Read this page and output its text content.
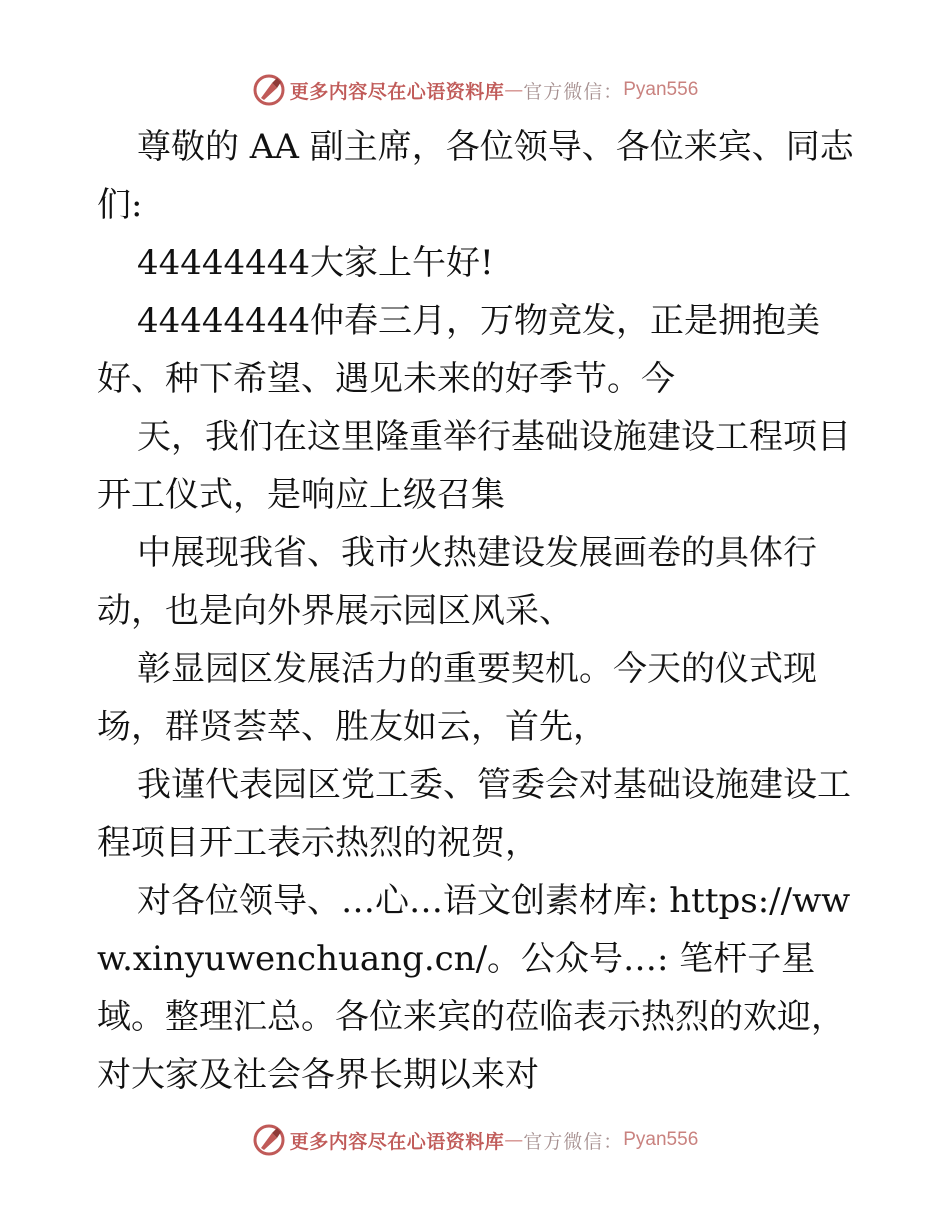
更多内容尽在心语资料库 — 官方微信： Pyan556

尊敬的 AA 副主席，各位领导、各位来宾、同志们:

44444444大家上午好!

44444444仲春三月，万物竞发，正是拥抱美好、种下希望、遇见未来的好季节。今

天，我们在这里隆重举行基础设施建设工程项目开工仪式，是响应上级召集

中展现我省、我市火热建设发展画卷的具体行动，也是向外界展示园区风采、

彰显园区发展活力的重要契机。今天的仪式现场，群贤荟萃、胜友如云，首先，

我谨代表园区党工委、管委会对基础设施建设工程项目开工表示热烈的祝贺，

对各位领导、…心…语文创素材库: https://www.xinyuwenchuang.cn/。公众号…: 笔杆子星域。整理汇总。各位来宾的莅临表示热烈的欢迎，对大家及社会各界长期以来对

更多内容尽在心语资料库 — 官方微信： Pyan556
